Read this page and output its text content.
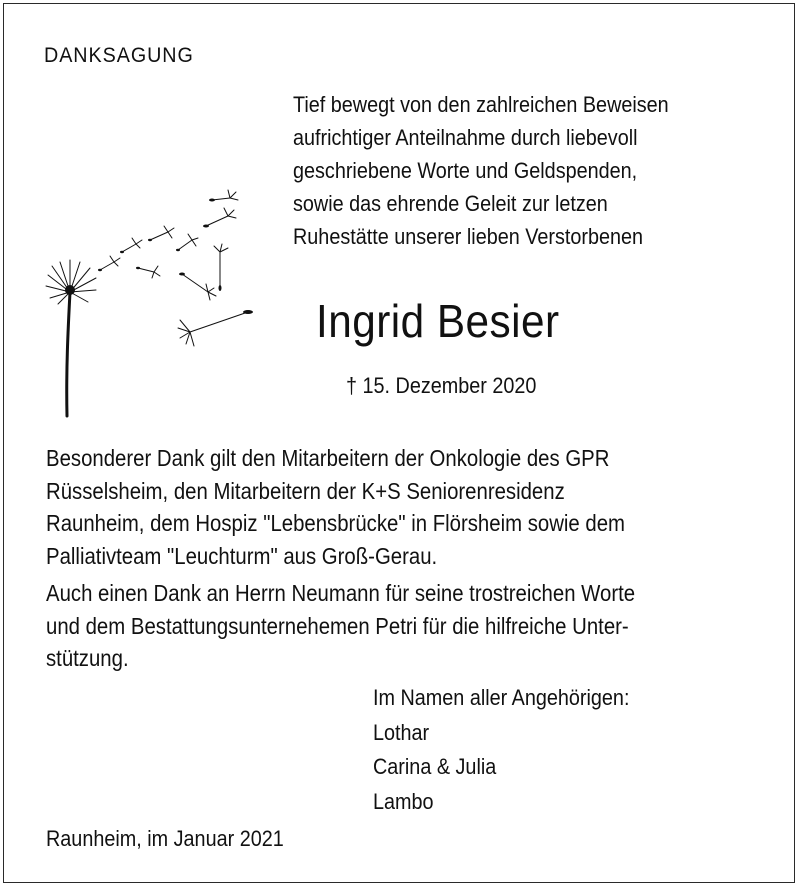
DANKSAGUNG
Tief bewegt von den zahlreichen Beweisen
aufrichtiger Anteilnahme durch liebevoll
geschriebene Worte und Geldspenden,
sowie das ehrende Geleit zur letzen
Ruhestätte unserer lieben Verstorbenen
Ingrid Besier
† 15. Dezember 2020
Besonderer Dank gilt den Mitarbeitern der Onkologie des GPR
Rüsselsheim, den Mitarbeitern der K+S Seniorenresidenz
Raunheim, dem Hospiz "Lebensbrücke" in Flörsheim sowie dem
Palliativteam "Leuchturm" aus Groß-Gerau.
Auch einen Dank an Herrn Neumann für seine trostreichen Worte
und dem Bestattungsunternehemen Petri für die hilfreiche Unter-
stützung.
Im Namen aller Angehörigen:
Lothar
Carina & Julia
Lambo
Raunheim, im Januar 2021
